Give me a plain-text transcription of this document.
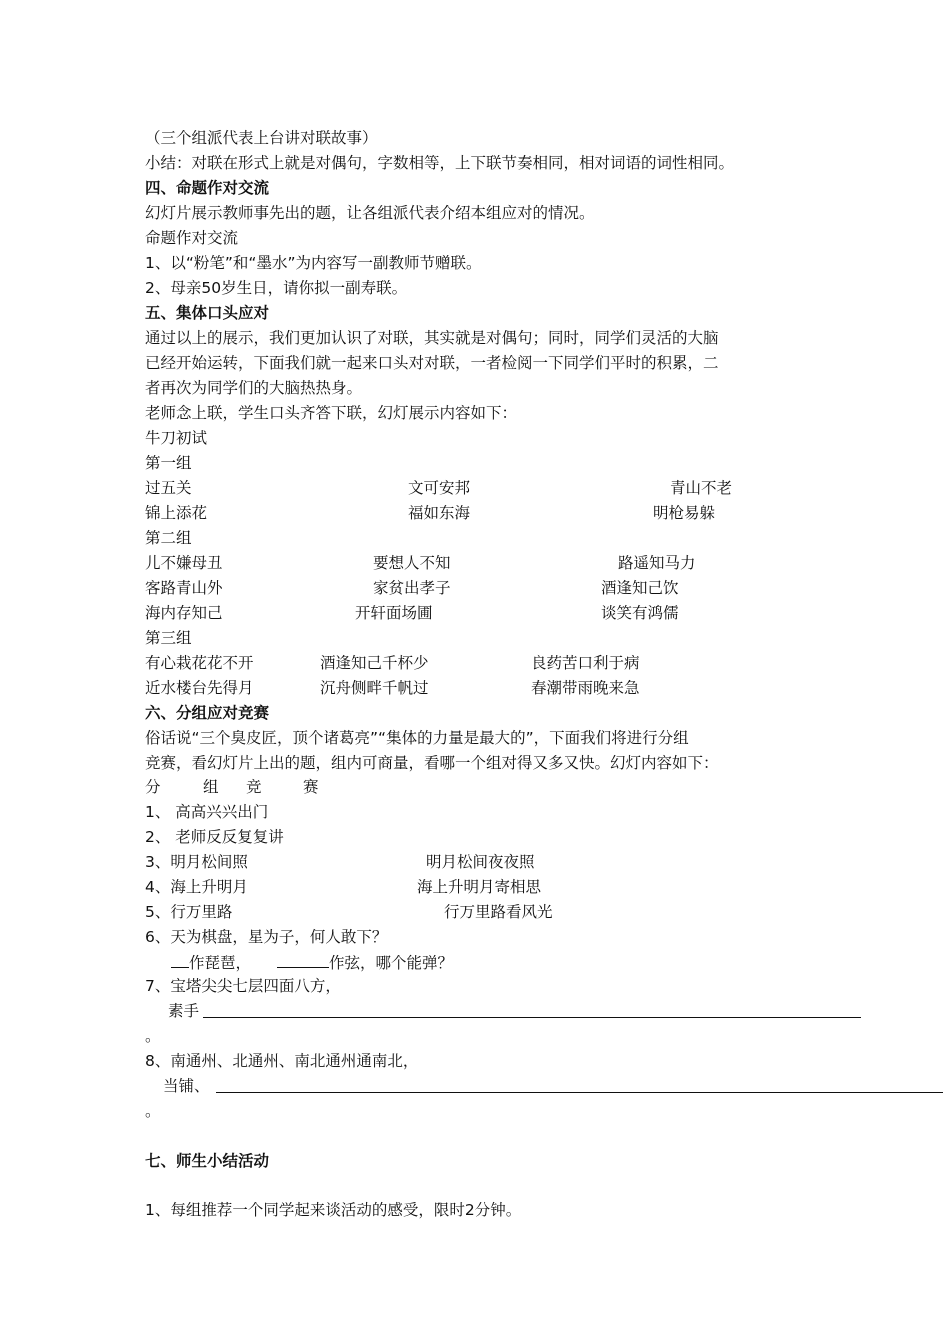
（三个组派代表上台讲对联故事）
小结：对联在形式上就是对偶句，字数相等，上下联节奏相同，相对词语的词性相同。
四、命题作对交流
幻灯片展示教师事先出的题，让各组派代表介绍本组应对的情况。
命题作对交流
1、以“粉笔”和“墨水”为内容写一副教师节赠联。
2、母亲50岁生日，请你拟一副寿联。
五、集体口头应对
通过以上的展示，我们更加认识了对联，其实就是对偶句；同时，同学们灵活的大脑
已经开始运转，下面我们就一起来口头对对联，一者检阅一下同学们平时的积累，二
者再次为同学们的大脑热热身。
老师念上联，学生口头齐答下联，幻灯展示内容如下：
牛刀初试
第一组
过五关	文可安邦	青山不老
锦上添花	福如东海	明枪易躲
第二组
儿不嫌母丑	要想人不知	路遥知马力
客路青山外	家贫出孝子	酒逢知己饮
海内存知己	开轩面场圃	谈笑有鸿儒
第三组
有心栽花花不开	酒逢知己千杯少	良药苦口利于病
近水楼台先得月	沉舟侧畔千帆过	春潮带雨晚来急
六、分组应对竞赛
俗话说“三个臭皮匠，顶个诸葛亮”“集体的力量是最大的”，下面我们将进行分组
竞赛，看幻灯片上出的题，组内可商量，看哪一个组对得又多又快。幻灯内容如下：
分	组 竞	赛
1、 高高兴兴出门
2、 老师反反复复讲
3、明月松间照	明月松间夜夜照
4、海上升明月	海上升明月寄相思
5、行万里路	行万里路看风光
6、天为棋盘，星为子，何人敢下？
作琵琶，	作弦，哪个能弹？
7、宝塔尖尖七层四面八方，
素手
。
8、南通州、北通州、南北通州通南北，
当铺、
。
七、师生小结活动
1、每组推荐一个同学起来谈活动的感受，限时2分钟。
